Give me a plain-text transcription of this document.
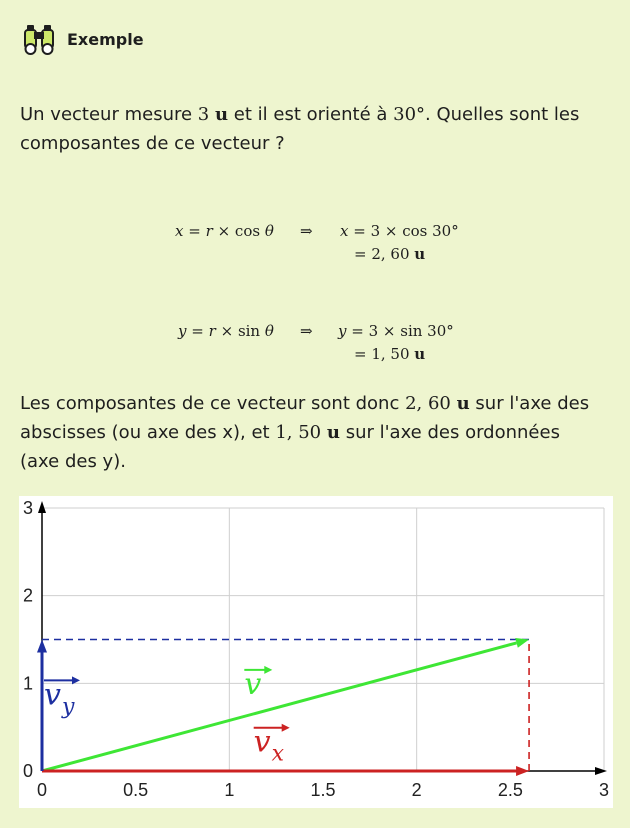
Exemple
Un vecteur mesure 3 u et il est orienté à 30°. Quelles sont les composantes de ce vecteur ?
x = r × cos θ ⇒ x = 3 × cos 30°
= 2, 60 u
y = r × sin θ ⇒ y = 3 × sin 30°
= 1, 50 u
Les composantes de ce vecteur sont donc 2, 60 u sur l'axe des abscisses (ou axe des x), et 1, 50 u sur l'axe des ordonnées (axe des y).
0	0.5	1	1.5	2	2.5	3
0
1
2
3
v
v x
v y
